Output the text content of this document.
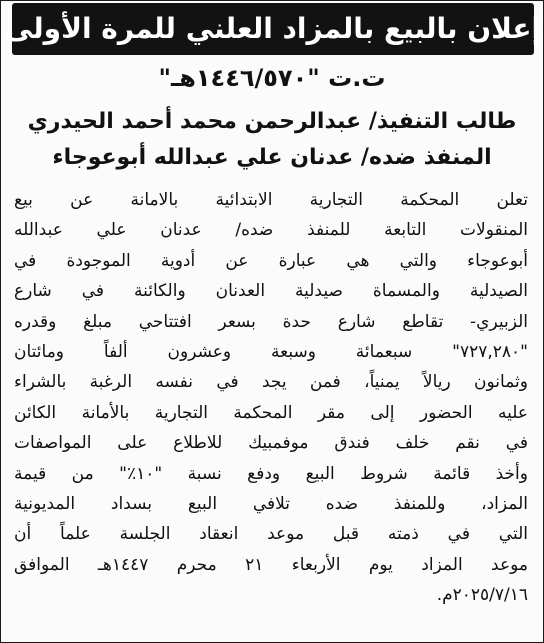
إعلان بالبيع بالمزاد العلني للمرة الأولى
ت.ت "١٤٤٦/٥٧٠هـ"
طالب التنفيذ/ عبدالرحمن محمد أحمد الحيدري
المنفذ ضده/ عدنان علي عبدالله أبوعوجاء
تعلن المحكمة التجارية الابتدائية بالامانة عن بيع
المنقولات التابعة للمنفذ ضده/ عدنان علي عبدالله
أبوعوجاء والتي هي عبارة عن أدوية الموجودة في
الصيدلية والمسماة صيدلية العدنان والكائنة في شارع
الزبيري- تقاطع شارع حدة بسعر افتتاحي مبلغ وقدره
"٧٢٧,٢٨٠" سبعمائة وسبعة وعشرون ألفاً ومائتان
وثمانون ريالاً يمنياً، فمن يجد في نفسه الرغبة بالشراء
عليه الحضور إلى مقر المحكمة التجارية بالأمانة الكائن
في نقم خلف فندق موفمبيك للاطلاع على المواصفات
وأخذ قائمة شروط البيع ودفع نسبة "١٠٪" من قيمة
المزاد، وللمنفذ ضده تلافي البيع بسداد المديونية
التي في ذمته قبل موعد انعقاد الجلسة علماً أن
موعد المزاد يوم الأربعاء ٢١ محرم ١٤٤٧هـ الموافق
٢٠٢٥/٧/١٦م.
